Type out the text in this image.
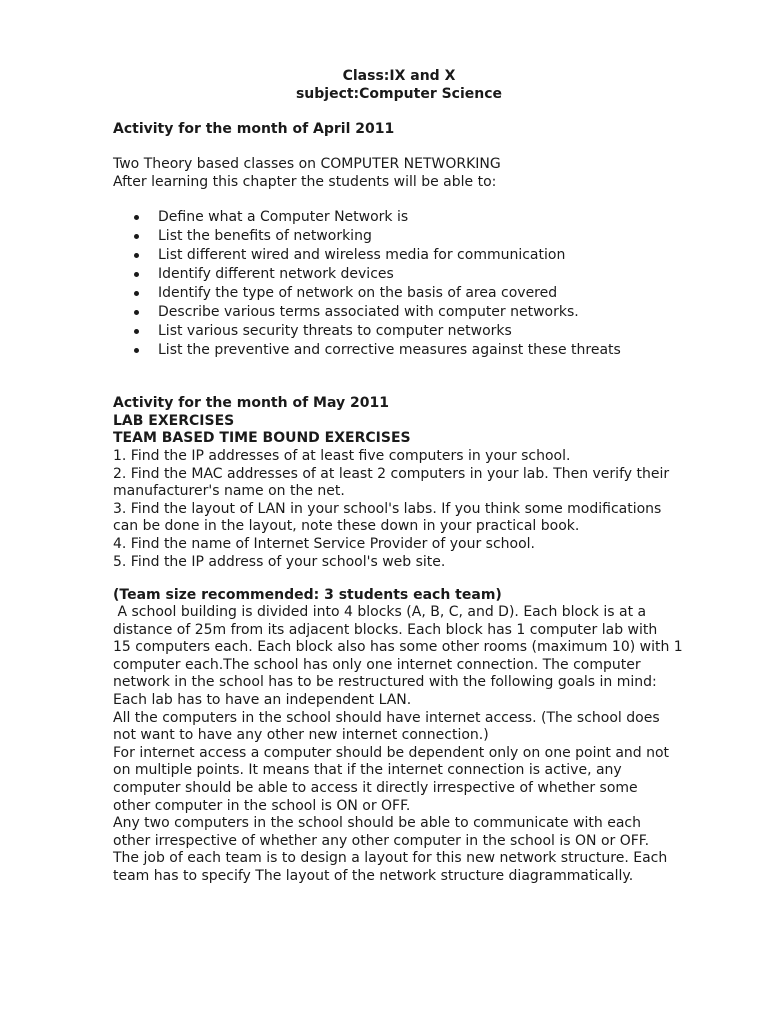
Class:IX and X
subject:Computer Science
Activity for the month of April 2011
Two Theory based classes on COMPUTER NETWORKING
After learning this chapter the students will be able to:
Define what a Computer Network is
List the benefits of networking
List different wired and wireless media for communication
Identify different network devices
Identify the type of network on the basis of area covered
Describe various terms associated with computer networks.
List various security threats to computer networks
List the preventive and corrective measures against these threats
Activity for the month of May 2011
LAB EXERCISES
TEAM BASED TIME BOUND EXERCISES
1. Find the IP addresses of at least five computers in your school.
2. Find the MAC addresses of at least 2 computers in your lab. Then verify their
manufacturer's name on the net.
3. Find the layout of LAN in your school's labs. If you think some modifications
can be done in the layout, note these down in your practical book.
4. Find the name of Internet Service Provider of your school.
5. Find the IP address of your school's web site.
(Team size recommended: 3 students each team)
A school building is divided into 4 blocks (A, B, C, and D). Each block is at a
distance of 25m from its adjacent blocks. Each block has 1 computer lab with
15 computers each. Each block also has some other rooms (maximum 10) with 1
computer each.The school has only one internet connection. The computer
network in the school has to be restructured with the following goals in mind:
Each lab has to have an independent LAN.
All the computers in the school should have internet access. (The school does
not want to have any other new internet connection.)
For internet access a computer should be dependent only on one point and not
on multiple points. It means that if the internet connection is active, any
computer should be able to access it directly irrespective of whether some
other computer in the school is ON or OFF.
Any two computers in the school should be able to communicate with each
other irrespective of whether any other computer in the school is ON or OFF.
The job of each team is to design a layout for this new network structure. Each
team has to specify The layout of the network structure diagrammatically.
